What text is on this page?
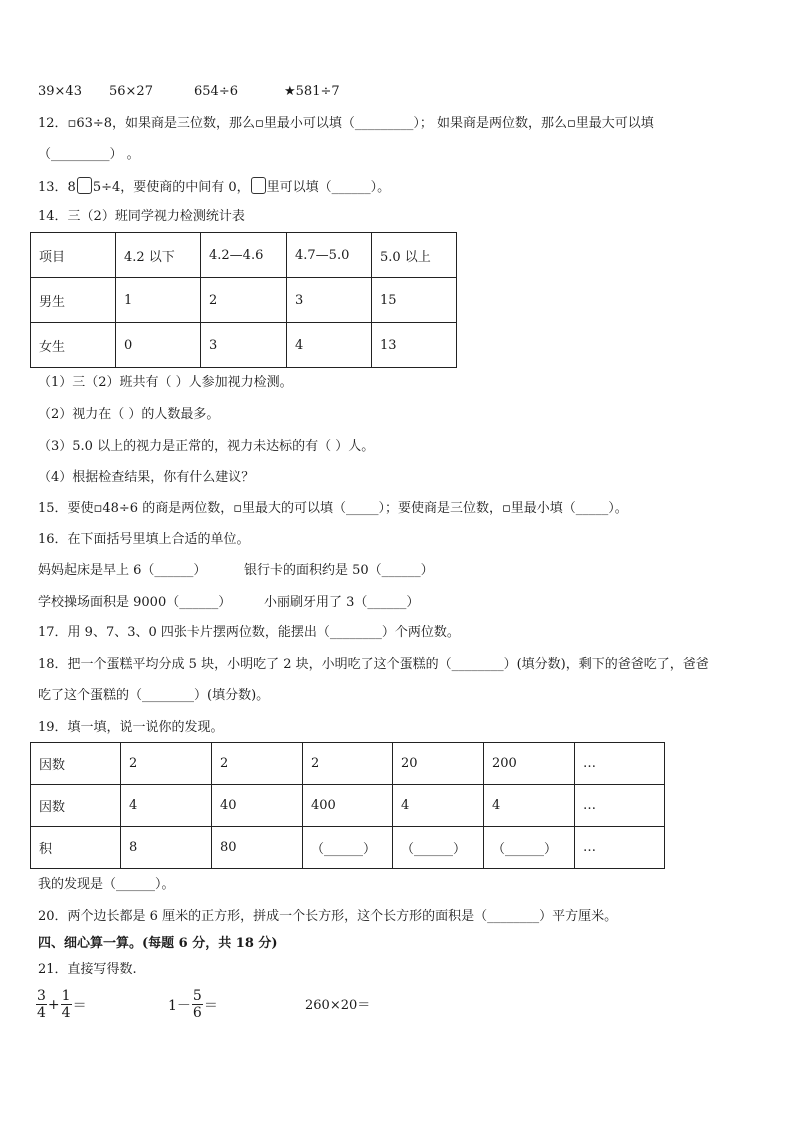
39×43 56×27	654÷6	★581÷7
12．▫63÷8，如果商是三位数，那么▫里最小可以填（_________）； 如果商是两位数，那么▫里最大可以填
（_________） 。
13．8 5÷4，要使商的中间有 0， 里可以填（______）。
14．三（2）班同学视力检测统计表
项目	4.2 以下	4.2—4.6	4.7—5.0	5.0 以上
男生	1	2	3	15
女生	0	3	4	13
（1）三（2）班共有（ ）人参加视力检测。
（2）视力在（ ）的人数最多。
（3）5.0 以上的视力是正常的，视力未达标的有（ ）人。
（4）根据检查结果，你有什么建议？
15．要使▫48÷6 的商是两位数，▫里最大的可以填（_____）；要使商是三位数，▫里最小填（_____）。
16．在下面括号里填上合适的单位。
妈妈起床是早上 6（______）	银行卡的面积约是 50（______）
学校操场面积是 9000（______）	小丽刷牙用了 3（______）
17．用 9、7、3、0 四张卡片摆两位数，能摆出（________）个两位数。
18．把一个蛋糕平均分成 5 块，小明吃了 2 块，小明吃了这个蛋糕的（________）(填分数)，剩下的爸爸吃了，爸爸
吃了这个蛋糕的（________）(填分数)。
19．填一填，说一说你的发现。
因数	2	2	2	20	200	…
因数	4	40	400	4	4	…
积	8	80	（______）	（______）	（______）	…
我的发现是（______）。
20．两个边长都是 6 厘米的正方形，拼成一个长方形，这个长方形的面积是（________）平方厘米。
四、细心算一算。(每题 6 分，共 18 分)
21．直接写得数.
$\frac{3}{4} + \frac{1}{4}$ ＝	$1- \frac{5}{6}$ ＝	260×20＝
